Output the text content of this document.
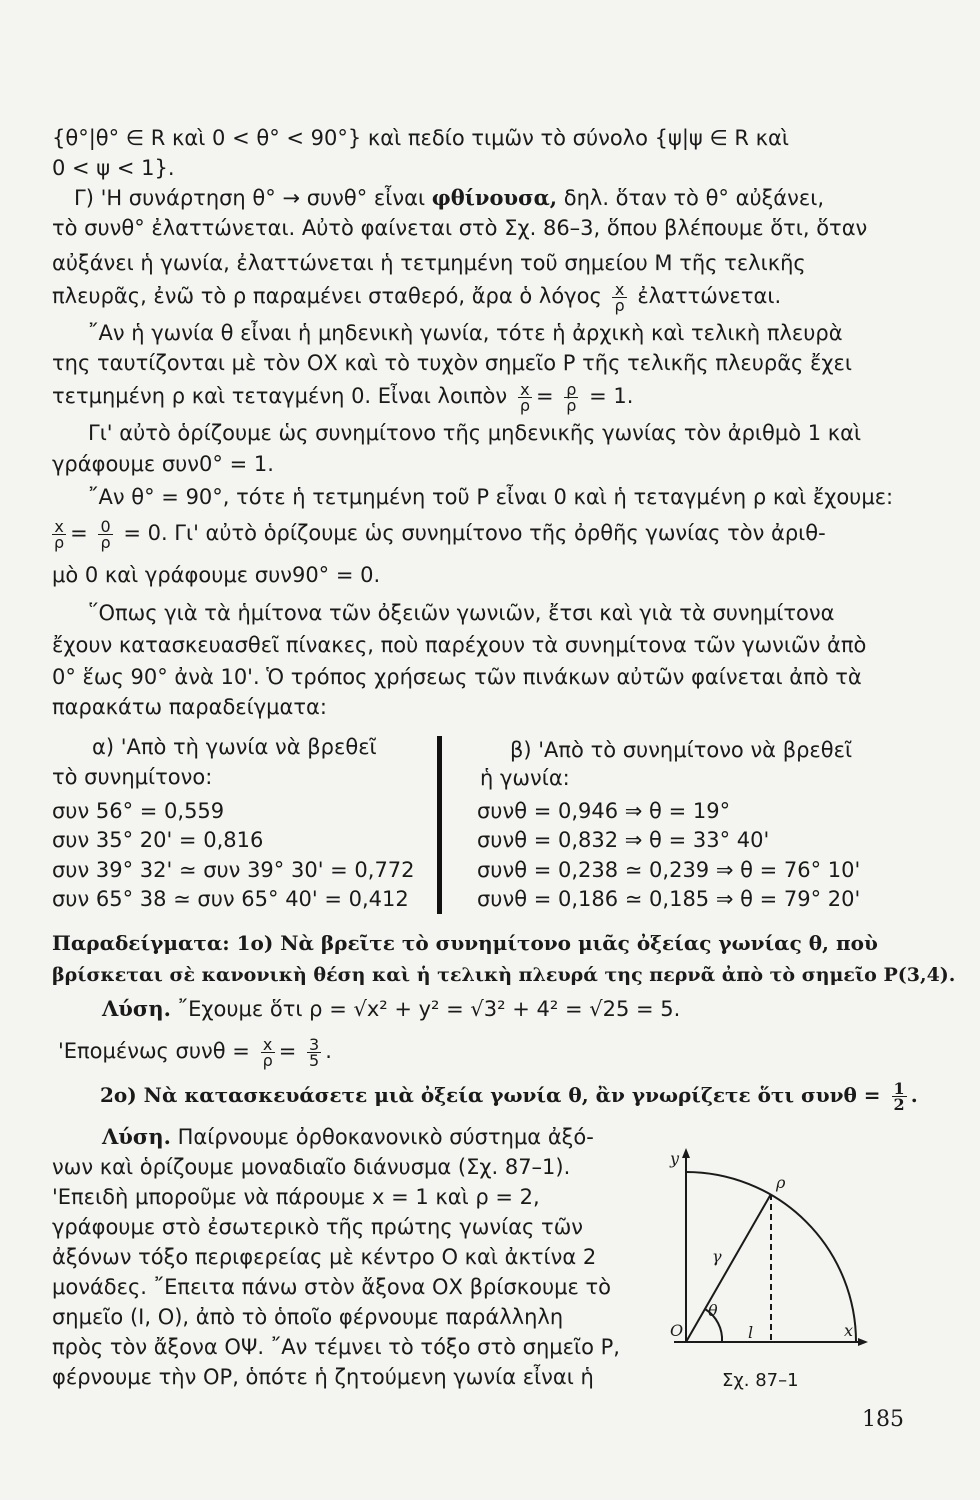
{θ°|θ° ∈ R καὶ 0 < θ° < 90°} καὶ πεδίο τιμῶν τὸ σύνολο {ψ|ψ ∈ R καὶ
0 < ψ < 1}.
Γ) 'Η συνάρτηση θ° → συνθ° εἶναι φθίνουσα, δηλ. ὅταν τὸ θ° αὐξάνει,
τὸ συνθ° ἐλαττώνεται. Αὐτὸ φαίνεται στὸ Σχ. 86–3, ὅπου βλέπουμε ὅτι, ὅταν
αὐξάνει ἡ γωνία, ἐλαττώνεται ἡ τετμημένη τοῦ σημείου Μ τῆς τελικῆς
πλευρᾶς, ἐνῶ τὸ ρ παραμένει σταθερό, ἄρα ὁ λόγος $\frac{x}{\rho}$ ἐλαττώνεται.
῎Αν ἡ γωνία θ εἶναι ἡ μηδενικὴ γωνία, τότε ἡ ἀρχικὴ καὶ τελικὴ πλευρὰ
της ταυτίζονται μὲ τὸν ΟΧ καὶ τὸ τυχὸν σημεῖο Ρ τῆς τελικῆς πλευρᾶς ἔχει
τετμημένη ρ καὶ τεταγμένη 0. Εἶναι λοιπὸν $\frac{x}{\rho} = \frac{\rho}{\rho} = 1$.
Γι' αὐτὸ ὁρίζουμε ὡς συνημίτονο τῆς μηδενικῆς γωνίας τὸν ἀριθμὸ 1 καὶ
γράφουμε συν0° = 1.
῎Αν θ° = 90°, τότε ἡ τετμημένη τοῦ Ρ εἶναι 0 καὶ ἡ τεταγμένη ρ καὶ ἔχουμε:
$\frac{x}{\rho} = \frac{0}{\rho} = 0$. Γι' αὐτὸ ὁρίζουμε ὡς συνημίτονο τῆς ὀρθῆς γωνίας τὸν ἀριθ-
μὸ 0 καὶ γράφουμε συν90° = 0.
῞Οπως γιὰ τὰ ἡμίτονα τῶν ὀξειῶν γωνιῶν, ἔτσι καὶ γιὰ τὰ συνημίτονα
ἔχουν κατασκευασθεῖ πίνακες, ποὺ παρέχουν τὰ συνημίτονα τῶν γωνιῶν ἀπὸ
0° ἕως 90° ἀνὰ 10'. Ὁ τρόπος χρήσεως τῶν πινάκων αὐτῶν φαίνεται ἀπὸ τὰ
παρακάτω παραδείγματα:
α) 'Απὸ τὴ γωνία νὰ βρεθεῖ
τὸ συνημίτονο:
συν 56° = 0,559
συν 35° 20' = 0,816
συν 39° 32' ≃ συν 39° 30' = 0,772
συν 65° 38 ≃ συν 65° 40' = 0,412
β) 'Απὸ τὸ συνημίτονο νὰ βρεθεῖ
ἡ γωνία:
συνθ = 0,946 ⇒ θ = 19°
συνθ = 0,832 ⇒ θ = 33° 40'
συνθ = 0,238 ≃ 0,239 ⇒ θ = 76° 10'
συνθ = 0,186 ≃ 0,185 ⇒ θ = 79° 20'
Παραδείγματα: 1ο) Νὰ βρεῖτε τὸ συνημίτονο μιᾶς ὀξείας γωνίας θ, ποὺ
βρίσκεται σὲ κανονικὴ θέση καὶ ἡ τελικὴ πλευρά της περνᾶ ἀπὸ τὸ σημεῖο Ρ(3,4).
Λύση. ῎Εχουμε ὅτι ρ = √x² + y² = √3² + 4² = √25 = 5.
'Επομένως $\sigma\upsilon\nu\theta = \frac{x}{\rho} = \frac{3}{5}$ .
2ο) Νὰ κατασκευάσετε μιὰ ὀξεία γωνία θ, ἂν γνωρίζετε ὅτι $\sigma\upsilon\nu\theta = \frac{1}{2}$ .
Λύση. Παίρνουμε ὀρθοκανονικὸ σύστημα ἀξό-
νων καὶ ὁρίζουμε μοναδιαῖο διάνυσμα (Σχ. 87–1).
'Επειδὴ μποροῦμε νὰ πάρουμε x = 1 καὶ ρ = 2,
γράφουμε στὸ ἐσωτερικὸ τῆς πρώτης γωνίας τῶν
ἀξόνων τόξο περιφερείας μὲ κέντρο Ο καὶ ἀκτίνα 2
μονάδες. ῎Επειτα πάνω στὸν ἄξονα ΟΧ βρίσκουμε τὸ
σημεῖο (Ι, Ο), ἀπὸ τὸ ὁποῖο φέρνουμε παράλληλη
πρὸς τὸν ἄξονα ΟΨ. ῎Αν τέμνει τὸ τόξο στὸ σημεῖο Ρ,
φέρνουμε τὴν ΟΡ, ὁπότε ἡ ζητούμενη γωνία εἶναι ἡ
y
x
ρ
γ
θ
O	l
Σχ. 87–1
185
